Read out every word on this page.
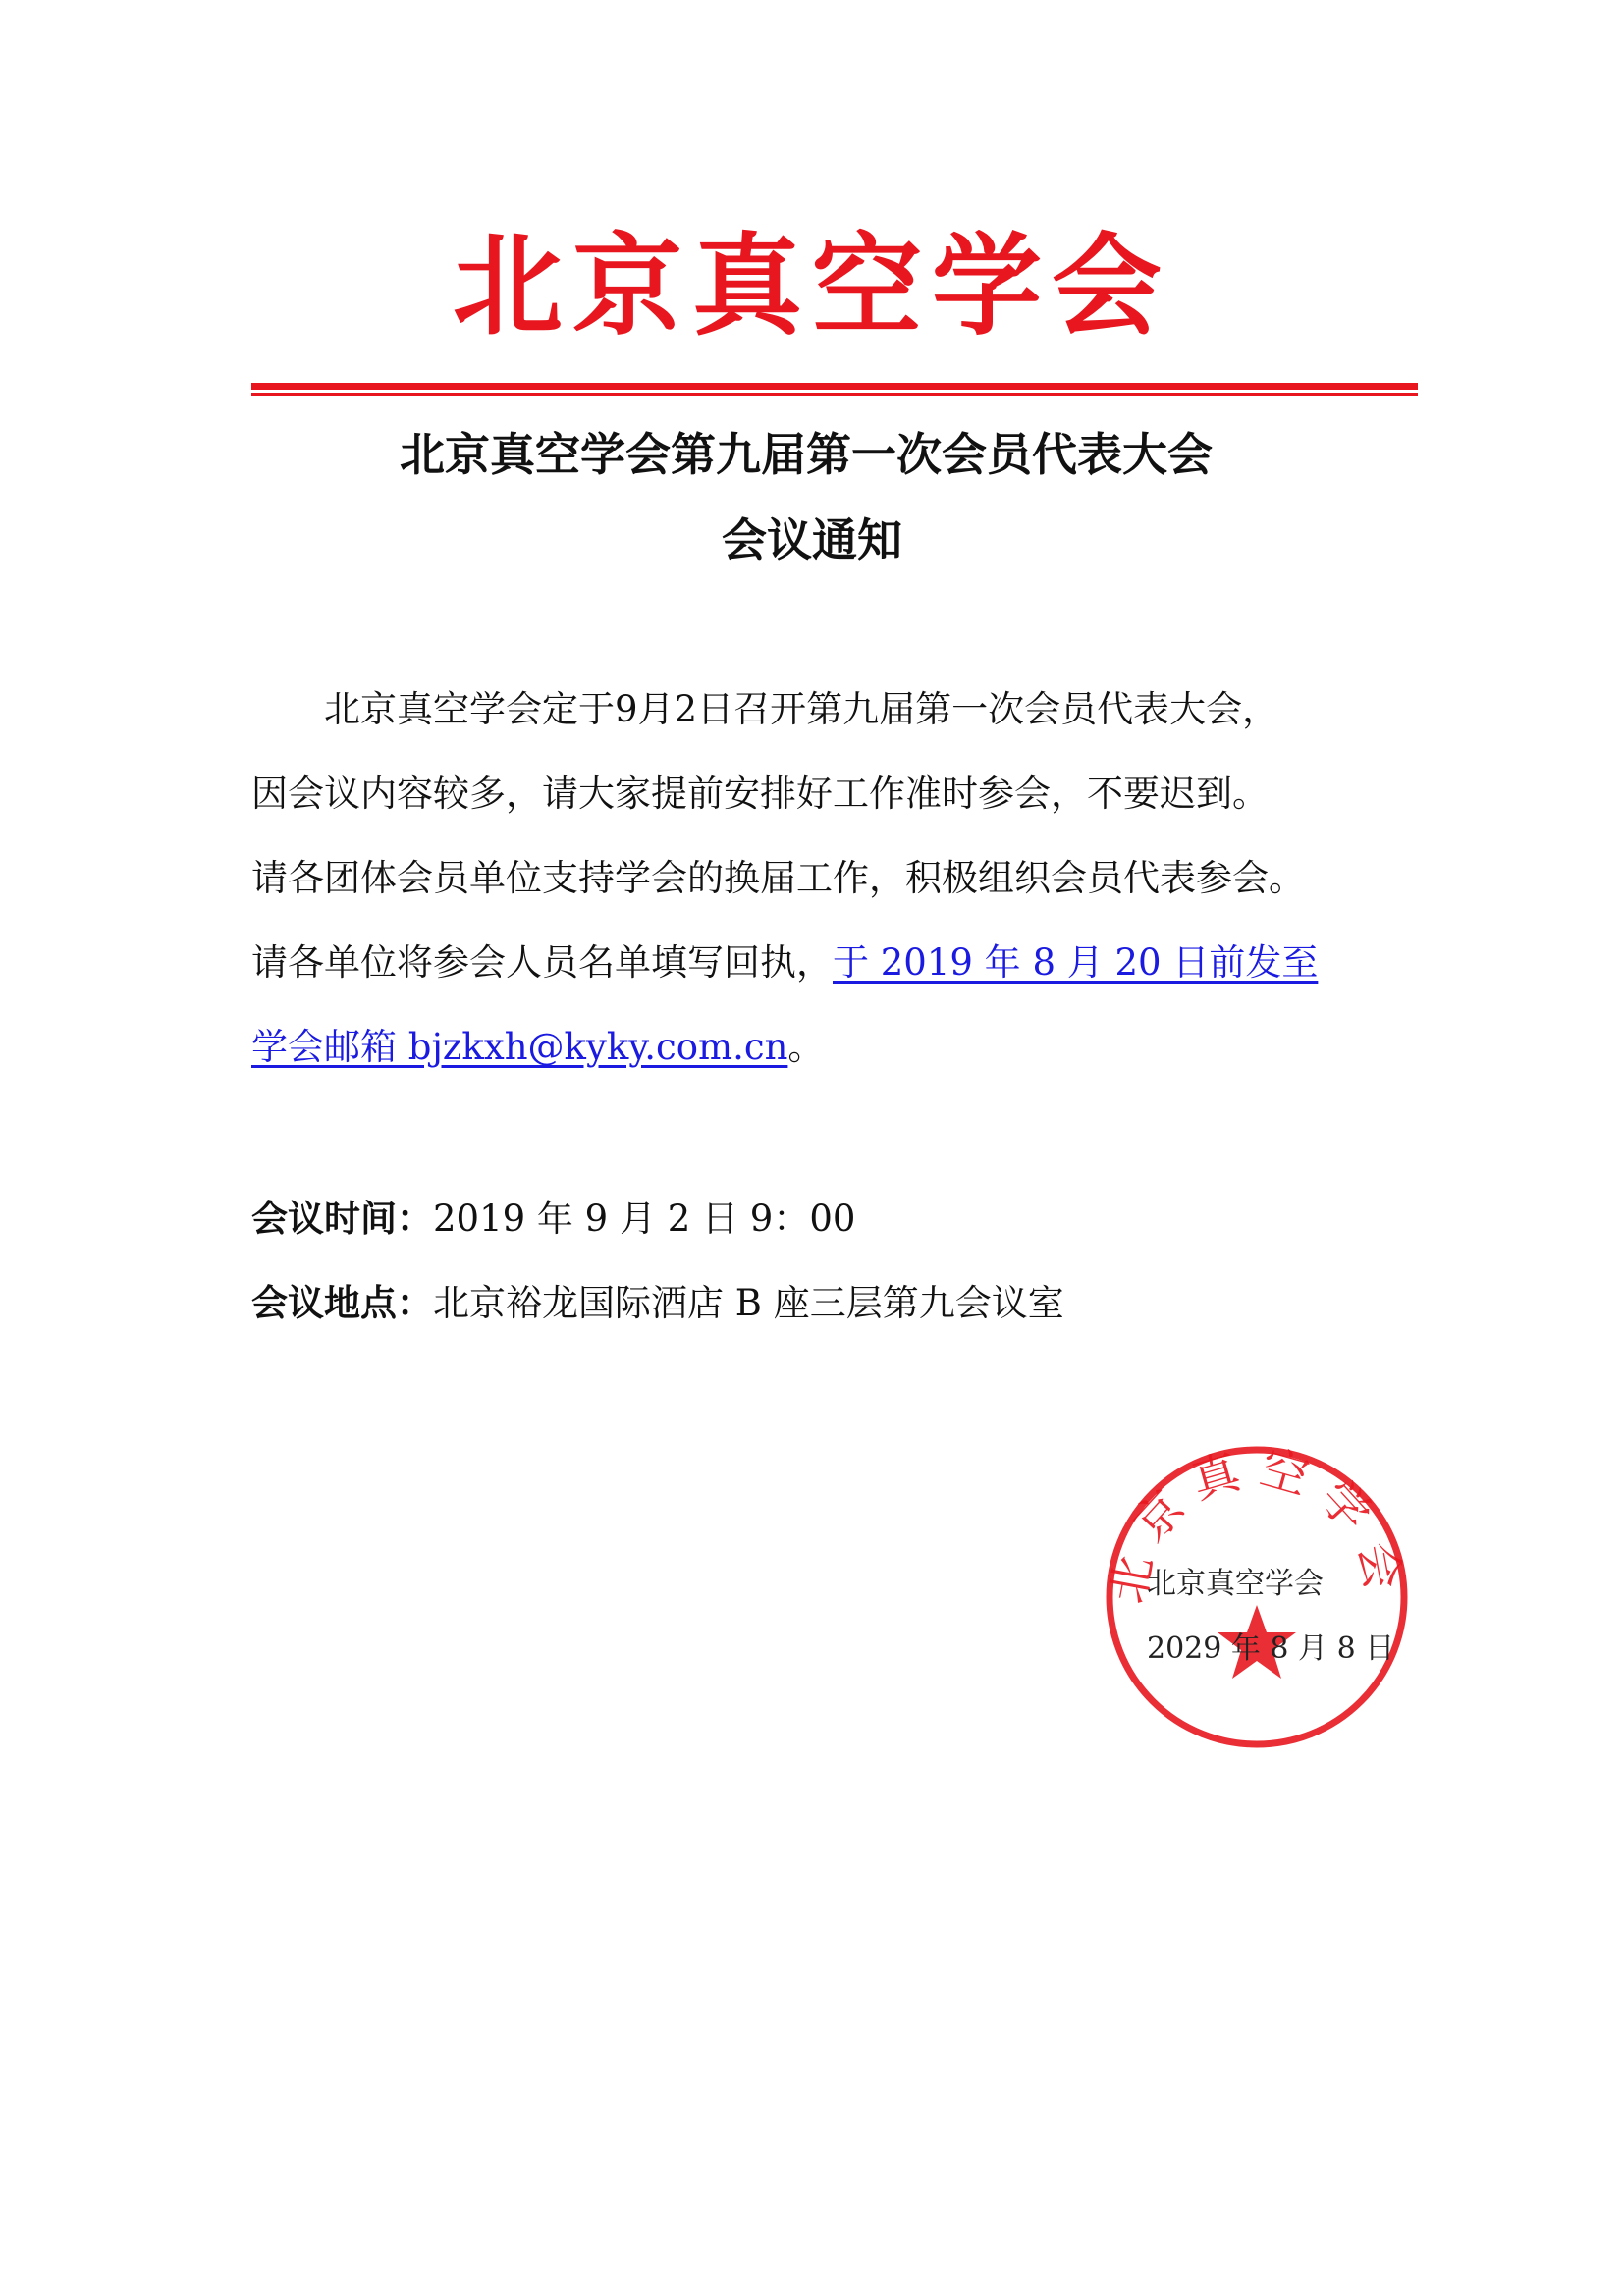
北京真空学会
北京真空学会第九届第一次会员代表大会
会议通知
北京真空学会定于9月2日召开第九届第一次会员代表大会，
因会议内容较多，请大家提前安排好工作准时参会，不要迟到。
请各团体会员单位支持学会的换届工作，积极组织会员代表参会。
请各单位将参会人员名单填写回执，于 2019 年 8 月 20 日前发至
学会邮箱 bjzkxh@kyky.com.cn。
会议时间：2019 年 9 月 2 日 9：00
会议地点：北京裕龙国际酒店 B 座三层第九会议室
北京真空学会
北京真空学会
2029 年 8 月 8 日
